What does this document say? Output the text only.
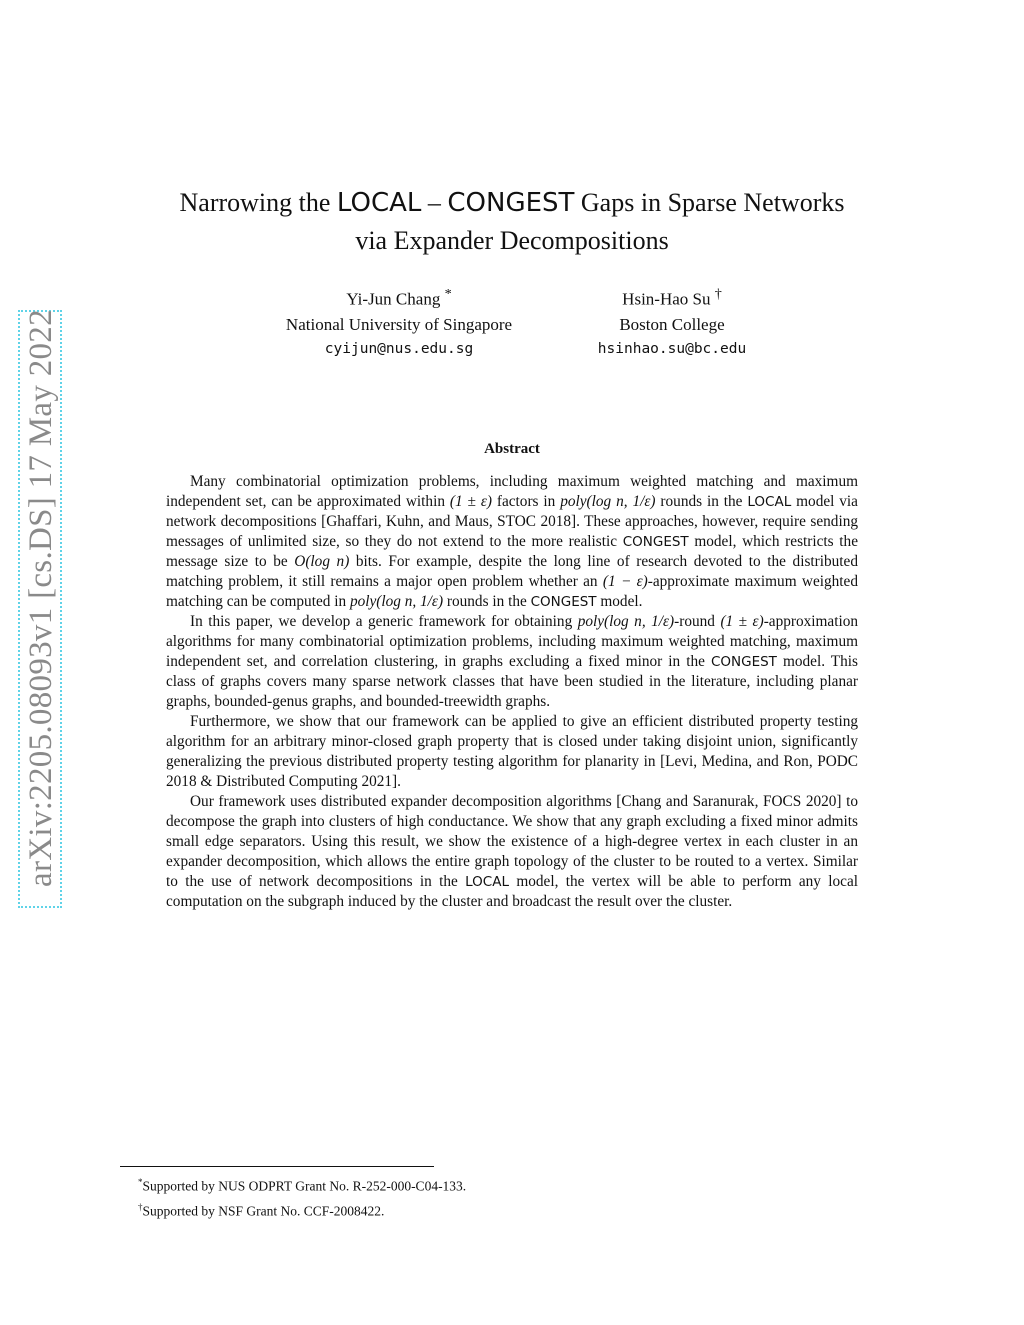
arXiv:2205.08093v1 [cs.DS] 17 May 2022
Narrowing the LOCAL – CONGEST Gaps in Sparse Networks
via Expander Decompositions
Yi-Jun Chang *
National University of Singapore
cyijun@nus.edu.sg
Hsin-Hao Su †
Boston College
hsinhao.su@bc.edu
Abstract

Many combinatorial optimization problems, including maximum weighted matching and maximum independent set, can be approximated within (1 ± ε) factors in poly(log n, 1/ε) rounds in the LOCAL model via network decompositions [Ghaffari, Kuhn, and Maus, STOC 2018]. These approaches, however, require sending messages of unlimited size, so they do not extend to the more realistic CONGEST model, which restricts the message size to be O(log n) bits. For example, despite the long line of research devoted to the distributed matching problem, it still remains a major open problem whether an (1 − ε)-approximate maximum weighted matching can be computed in poly(log n, 1/ε) rounds in the CONGEST model.

In this paper, we develop a generic framework for obtaining poly(log n, 1/ε)-round (1 ± ε)-approximation algorithms for many combinatorial optimization problems, including maximum weighted matching, maximum independent set, and correlation clustering, in graphs excluding a fixed minor in the CONGEST model. This class of graphs covers many sparse network classes that have been studied in the literature, including planar graphs, bounded-genus graphs, and bounded-treewidth graphs.

Furthermore, we show that our framework can be applied to give an efficient distributed property testing algorithm for an arbitrary minor-closed graph property that is closed under taking disjoint union, significantly generalizing the previous distributed property testing algorithm for planarity in [Levi, Medina, and Ron, PODC 2018 & Distributed Computing 2021].

Our framework uses distributed expander decomposition algorithms [Chang and Saranurak, FOCS 2020] to decompose the graph into clusters of high conductance. We show that any graph excluding a fixed minor admits small edge separators. Using this result, we show the existence of a high-degree vertex in each cluster in an expander decomposition, which allows the entire graph topology of the cluster to be routed to a vertex. Similar to the use of network decompositions in the LOCAL model, the vertex will be able to perform any local computation on the subgraph induced by the cluster and broadcast the result over the cluster.

*Supported by NUS ODPRT Grant No. R-252-000-C04-133.
†Supported by NSF Grant No. CCF-2008422.
